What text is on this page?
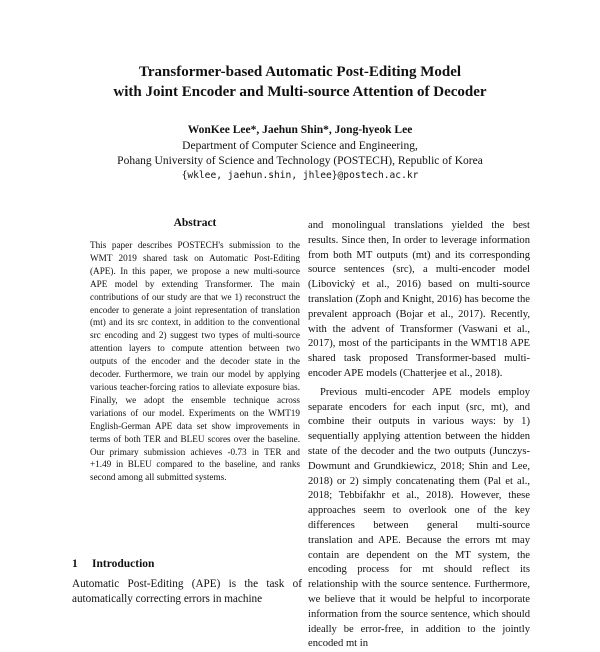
Transformer-based Automatic Post-Editing Model
with Joint Encoder and Multi-source Attention of Decoder
WonKee Lee*, Jaehun Shin*, Jong-hyeok Lee
Department of Computer Science and Engineering,
Pohang University of Science and Technology (POSTECH), Republic of Korea
{wklee, jaehun.shin, jhlee}@postech.ac.kr
Abstract

This paper describes POSTECH's submission to the WMT 2019 shared task on Automatic Post-Editing (APE). In this paper, we propose a new multi-source APE model by extending Transformer. The main contributions of our study are that we 1) reconstruct the encoder to generate a joint representation of translation (mt) and its src context, in addition to the conventional src encoding and 2) suggest two types of multi-source attention layers to compute attention between two outputs of the encoder and the decoder state in the decoder. Furthermore, we train our model by applying various teacher-forcing ratios to alleviate exposure bias. Finally, we adopt the ensemble technique across variations of our model. Experiments on the WMT19 English-German APE data set show improvements in terms of both TER and BLEU scores over the baseline. Our primary submission achieves -0.73 in TER and +1.49 in BLEU compared to the baseline, and ranks second among all submitted systems.

1 Introduction
Automatic Post-Editing (APE) is the task of automatically correcting errors in machine

and monolingual translations yielded the best results. Since then, In order to leverage information from both MT outputs (mt) and its corresponding source sentences (src), a multi-encoder model (Libovický et al., 2016) based on multi-source translation (Zoph and Knight, 2016) has become the prevalent approach (Bojar et al., 2017). Recently, with the advent of Transformer (Vaswani et al., 2017), most of the participants in the WMT18 APE shared task proposed Transformer-based multi-encoder APE models (Chatterjee et al., 2018).

Previous multi-encoder APE models employ separate encoders for each input (src, mt), and combine their outputs in various ways: by 1) sequentially applying attention between the hidden state of the decoder and the two outputs (Junczys-Dowmunt and Grundkiewicz, 2018; Shin and Lee, 2018) or 2) simply concatenating them (Pal et al., 2018; Tebbifakhr et al., 2018). However, these approaches seem to overlook one of the key differences between general multi-source translation and APE. Because the errors mt may contain are dependent on the MT system, the encoding process for mt should reflect its relationship with the source sentence. Furthermore, we believe that it would be helpful to incorporate information from the source sentence, which should ideally be error-free, in addition to the jointly encoded mt in
